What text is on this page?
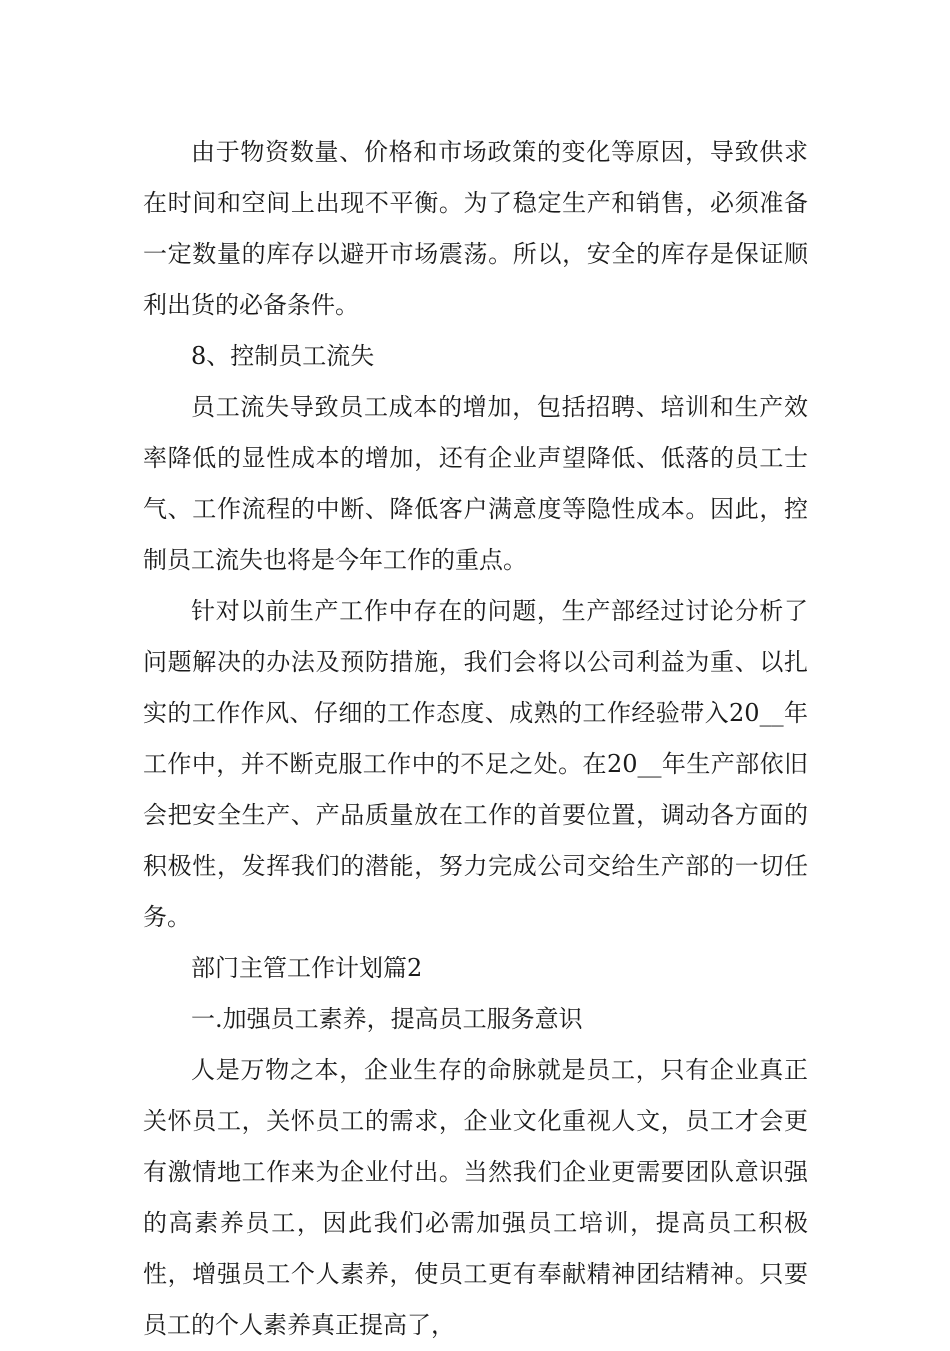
由于物资数量、价格和市场政策的变化等原因，导致供求在时间和空间上出现不平衡。为了稳定生产和销售，必须准备一定数量的库存以避开市场震荡。所以，安全的库存是保证顺利出货的必备条件。

8、控制员工流失

员工流失导致员工成本的增加，包括招聘、培训和生产效率降低的显性成本的增加，还有企业声望降低、低落的员工士气、工作流程的中断、降低客户满意度等隐性成本。因此，控制员工流失也将是今年工作的重点。

针对以前生产工作中存在的问题，生产部经过讨论分析了问题解决的办法及预防措施，我们会将以公司利益为重、以扎实的工作作风、仔细的工作态度、成熟的工作经验带入20__年工作中，并不断克服工作中的不足之处。在20__年生产部依旧会把安全生产、产品质量放在工作的首要位置，调动各方面的积极性，发挥我们的潜能，努力完成公司交给生产部的一切任务。

部门主管工作计划篇2

一.加强员工素养，提高员工服务意识

人是万物之本，企业生存的命脉就是员工，只有企业真正关怀员工，关怀员工的需求，企业文化重视人文，员工才会更有激情地工作来为企业付出。当然我们企业更需要团队意识强的高素养员工，因此我们必需加强员工培训，提高员工积极性，增强员工个人素养，使员工更有奉献精神团结精神。只要员工的个人素养真正提高了，
